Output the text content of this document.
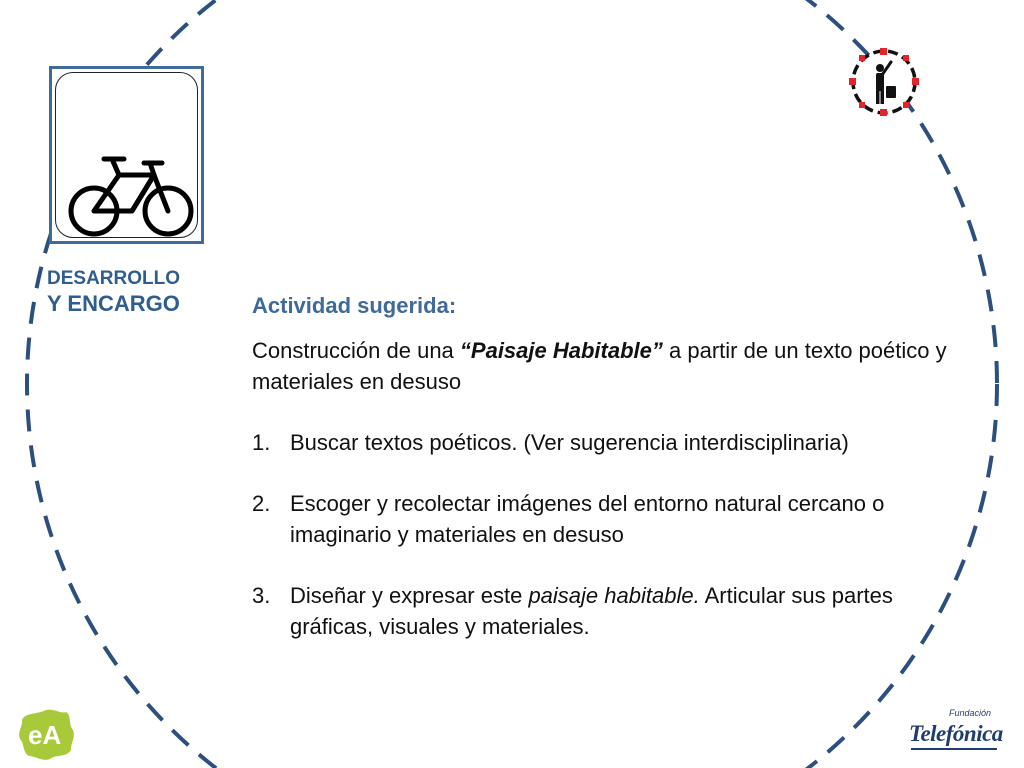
DESARROLLO
Y ENCARGO	Actividad sugerida:
Construcción de una “Paisaje Habitable” a partir de un texto poético y materiales en desuso
1. Buscar textos poéticos. (Ver sugerencia interdisciplinaria)
2. Escoger y recolectar imágenes del entorno natural cercano o imaginario y materiales en desuso
3. Diseñar y expresar este paisaje habitable. Articular sus partes gráficas, visuales y materiales.
eA
Fundación
Telefónica
